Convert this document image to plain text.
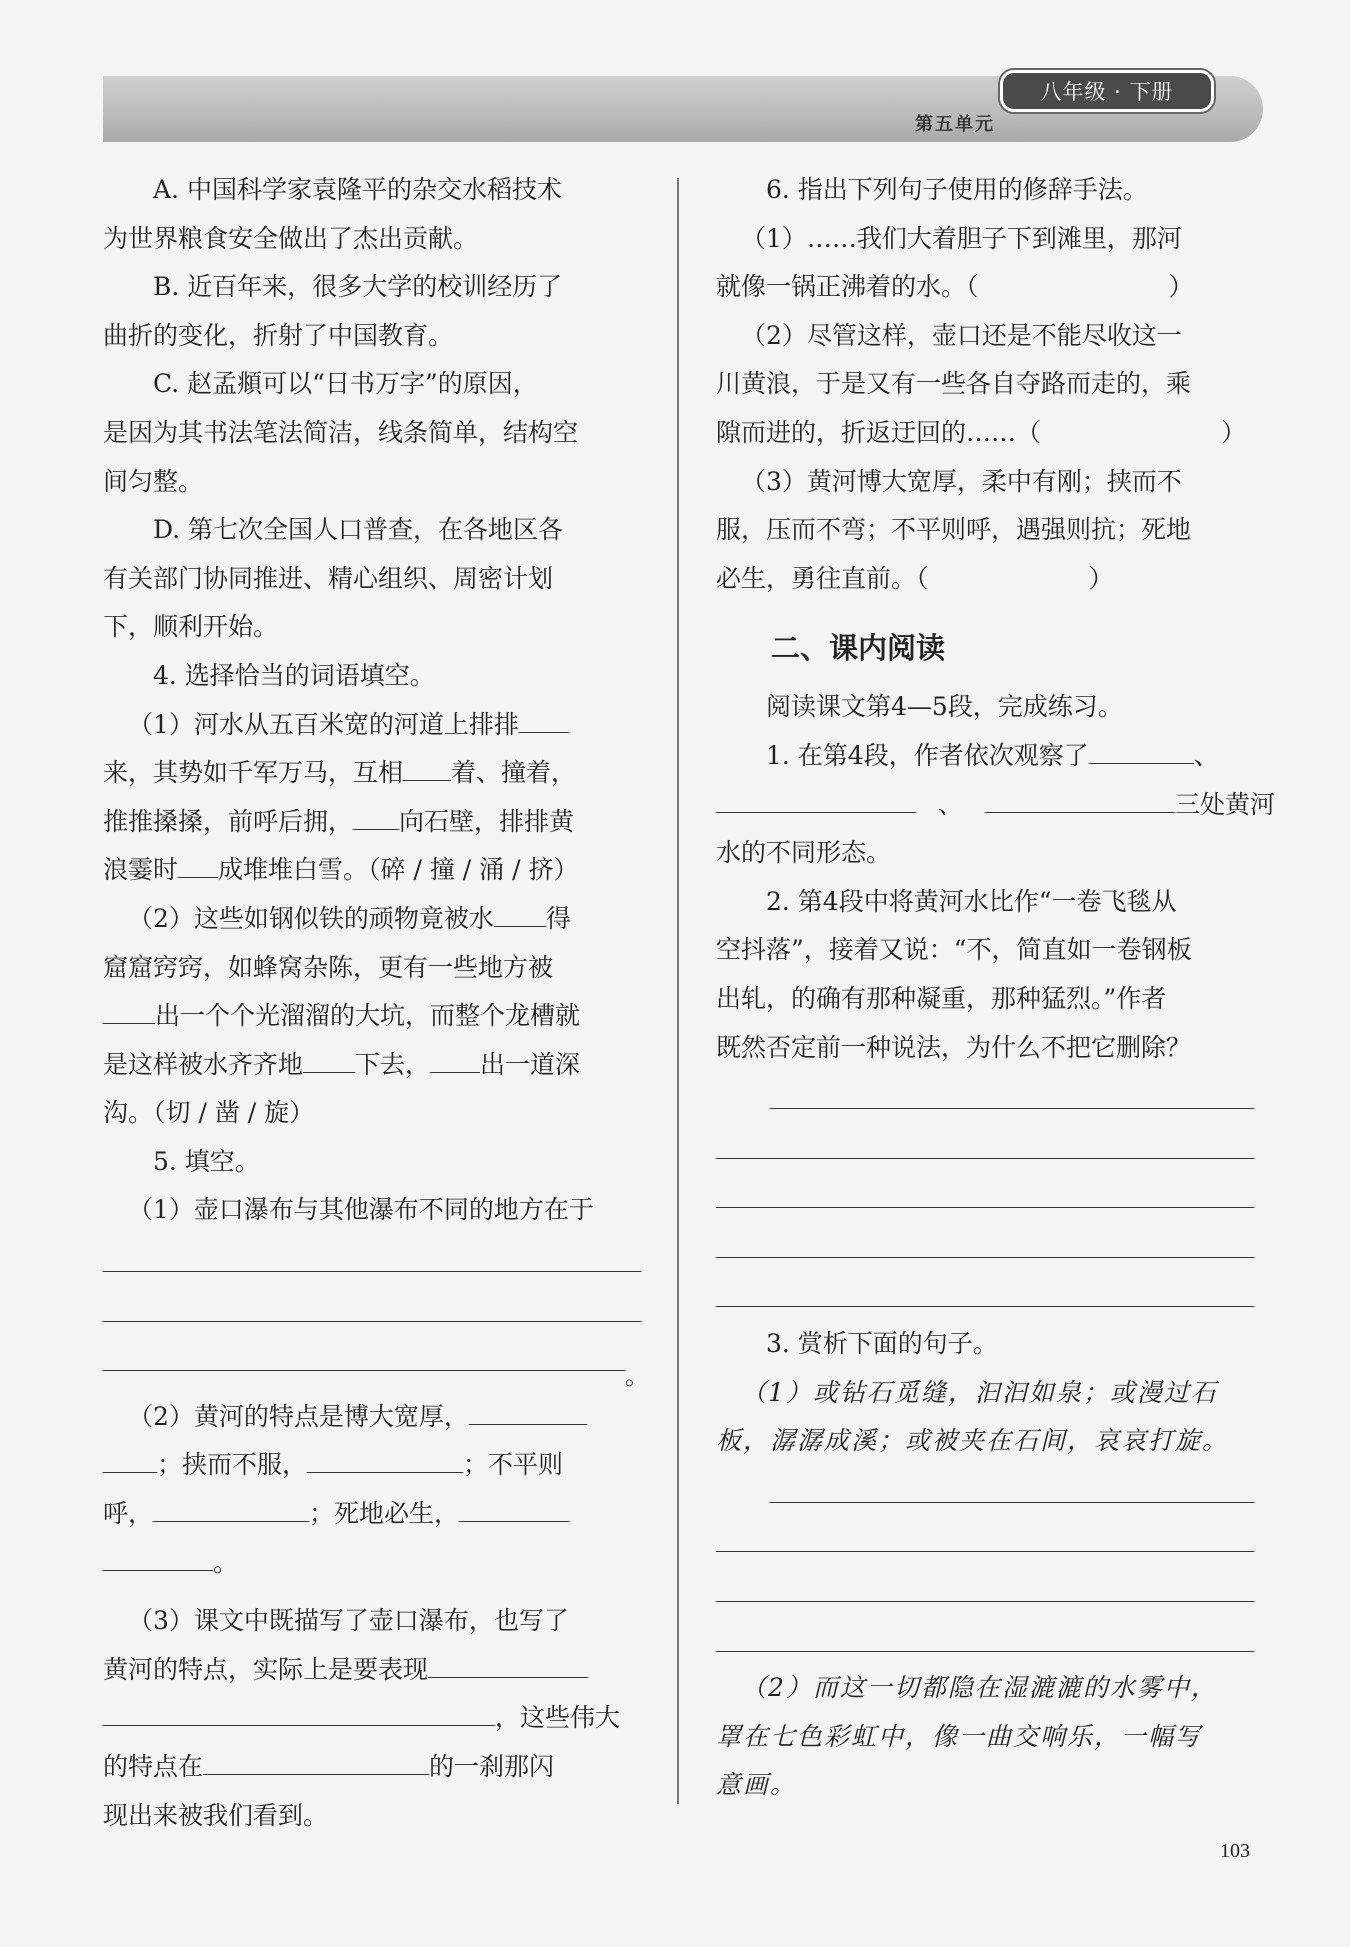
八年级 · 下册
第五单元
A. 中国科学家袁隆平的杂交水稻技术
为世界粮食安全做出了杰出贡献。
B. 近百年来，很多大学的校训经历了
曲折的变化，折射了中国教育。
C. 赵孟頫可以“日书万字”的原因，
是因为其书法笔法简洁，线条简单，结构空
间匀整。
D. 第七次全国人口普查，在各地区各
有关部门协同推进、精心组织、周密计划
下，顺利开始。
4. 选择恰当的词语填空。
（1）河水从五百米宽的河道上排排
来，其势如千军万马，互相 着、撞着，
推推搡搡，前呼后拥， 向石壁，排排黄
浪霎时 成堆堆白雪。（碎 / 撞 / 涌 / 挤）
（2）这些如钢似铁的顽物竟被水 得
窟窟窍窍，如蜂窝杂陈，更有一些地方被
出一个个光溜溜的大坑，而整个龙槽就
是这样被水齐齐地 下去， 出一道深
沟。（切 / 凿 / 旋）
5. 填空。
（1）壶口瀑布与其他瀑布不同的地方在于
。
（2）黄河的特点是博大宽厚，
；挟而不服，	；不平则
呼，	；死地必生，
。
（3）课文中既描写了壶口瀑布，也写了
黄河的特点，实际上是要表现
，这些伟大
的特点在	的一刹那闪
现出来被我们看到。
6. 指出下列句子使用的修辞手法。
（1）……我们大着胆子下到滩里，那河
就像一锅正沸着的水。（	）
（2）尽管这样，壶口还是不能尽收这一
川黄浪，于是又有一些各自夺路而走的，乘
隙而进的，折返迂回的……（	）
（3）黄河博大宽厚，柔中有刚；挟而不
服，压而不弯；不平则呼，遇强则抗；死地
必生，勇往直前。（	）
二、课内阅读
阅读课文第4—5段，完成练习。
1. 在第4段，作者依次观察了	、
、	三处黄河
水的不同形态。
2. 第4段中将黄河水比作“一卷飞毯从
空抖落”，接着又说：“不，简直如一卷钢板
出轧，的确有那种凝重，那种猛烈。”作者
既然否定前一种说法，为什么不把它删除？
3. 赏析下面的句子。
（1）或钻石觅缝，汩汩如泉；或漫过石
板，潺潺成溪；或被夹在石间，哀哀打旋。
（2）而这一切都隐在湿漉漉的水雾中，
罩在七色彩虹中，像一曲交响乐，一幅写
意画。
103
